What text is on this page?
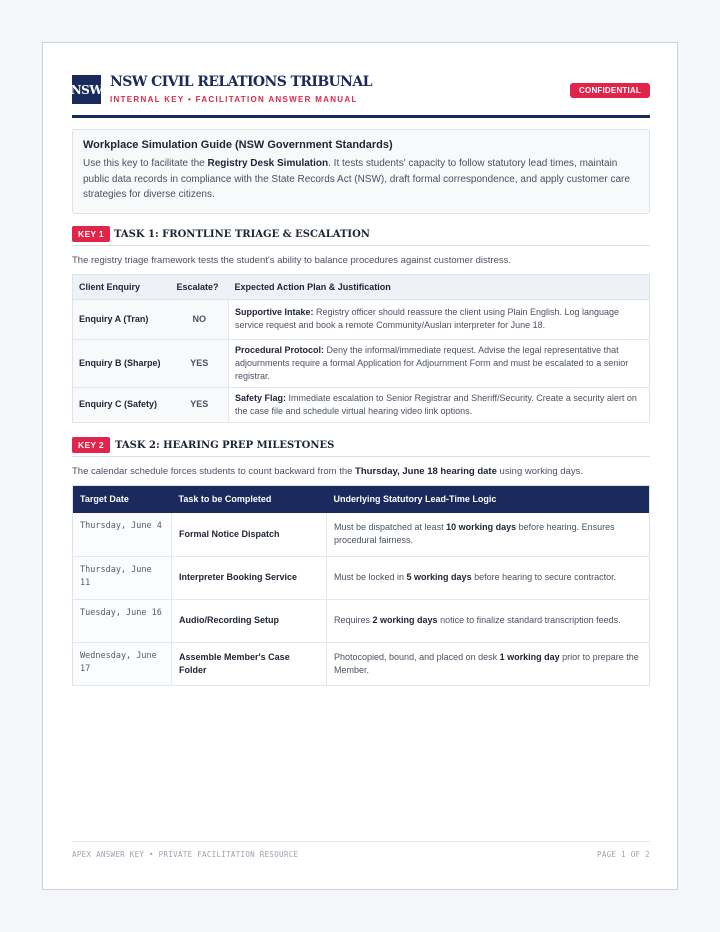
NSW NSW CIVIL RELATIONS TRIBUNAL
INTERNAL KEY • FACILITATION ANSWER MANUAL
CONFIDENTIAL
Workplace Simulation Guide (NSW Government Standards)
Use this key to facilitate the Registry Desk Simulation. It tests students' capacity to follow statutory lead times, maintain public data records in compliance with the State Records Act (NSW), draft formal correspondence, and apply customer care strategies for diverse citizens.
KEY 1	TASK 1: FRONTLINE TRIAGE & ESCALATION
The registry triage framework tests the student's ability to balance procedures against customer distress.
Client Enquiry	Escalate?	Expected Action Plan & Justification
Enquiry A (Tran)	NO	Supportive Intake: Registry officer should reassure the client using Plain English. Log language service request and book a remote Community/Auslan interpreter for June 18.
Enquiry B (Sharpe)	YES	Procedural Protocol: Deny the informal/immediate request. Advise the legal representative that adjournments require a formal Application for Adjournment Form and must be escalated to a senior registrar.
Enquiry C (Safety)	YES	Safety Flag: Immediate escalation to Senior Registrar and Sheriff/Security. Create a security alert on the case file and schedule virtual hearing video link options.
KEY 2	TASK 2: HEARING PREP MILESTONES
The calendar schedule forces students to count backward from the Thursday, June 18 hearing date using working days.
Target Date	Task to be Completed	Underlying Statutory Lead-Time Logic
Thursday, June 4	Formal Notice Dispatch	Must be dispatched at least 10 working days before hearing. Ensures procedural fairness.
Thursday, June 11	Interpreter Booking Service	Must be locked in 5 working days before hearing to secure contractor.
Tuesday, June 16	Audio/Recording Setup	Requires 2 working days notice to finalize standard transcription feeds.
Wednesday, June 17	Assemble Member's Case Folder	Photocopied, bound, and placed on desk 1 working day prior to prepare the Member.
APEX ANSWER KEY • PRIVATE FACILITATION RESOURCE	PAGE 1 OF 2
